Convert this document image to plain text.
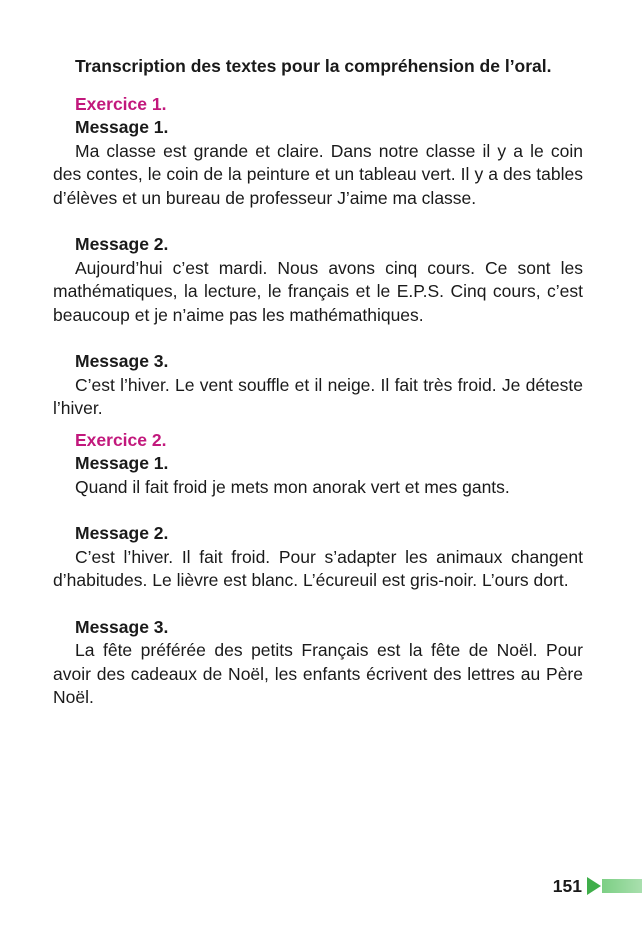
Transcription des textes pour la compréhension de l’oral.

Exercice 1.

Message 1.

Ma classe est grande et claire. Dans notre classe il y a le coin des contes, le coin de la peinture et un tableau vert. Il y a des tables d’élèves et un bureau de professeur J’aime ma classe.

Message 2.

Aujourd’hui c’est mardi. Nous avons cinq cours. Ce sont les mathématiques, la lecture, le français et le E.P.S. Cinq cours, c’est beaucoup et je n’aime pas les mathémathiques.

Message 3.

C’est l’hiver. Le vent souffle et il neige. Il fait très froid. Je déteste l’hiver.

Exercice 2.

Message 1.

Quand il fait froid je mets mon anorak vert et mes gants.

Message 2.

C’est l’hiver. Il fait froid. Pour s’adapter les animaux changent d’habitudes. Le lièvre est blanc. L’écureuil est gris-noir. L’ours dort.

Message 3.

La fête préférée des petits Français est la fête de Noël. Pour avoir des cadeaux de Noël, les enfants écrivent des lettres au Père Noël.

151
